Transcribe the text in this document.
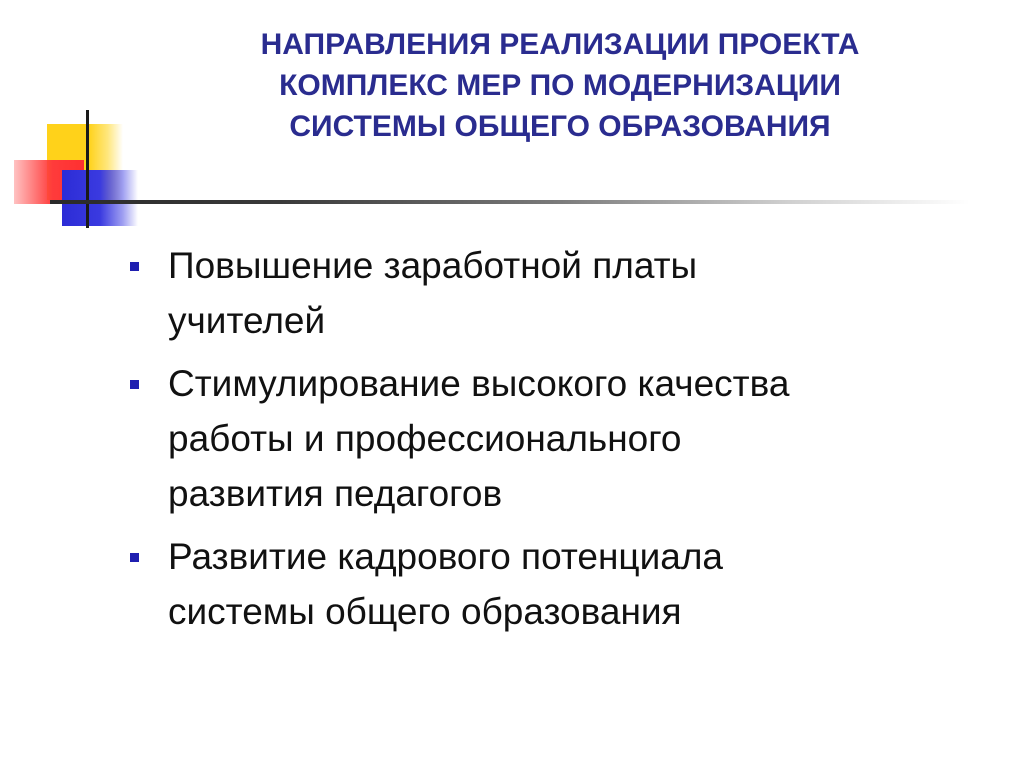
НАПРАВЛЕНИЯ РЕАЛИЗАЦИИ ПРОЕКТА
КОМПЛЕКС МЕР ПО МОДЕРНИЗАЦИИ
СИСТЕМЫ ОБЩЕГО ОБРАЗОВАНИЯ
Повышение заработной платы
учителей
Стимулирование высокого качества
работы и профессионального
развития педагогов
Развитие кадрового потенциала
системы общего образования
